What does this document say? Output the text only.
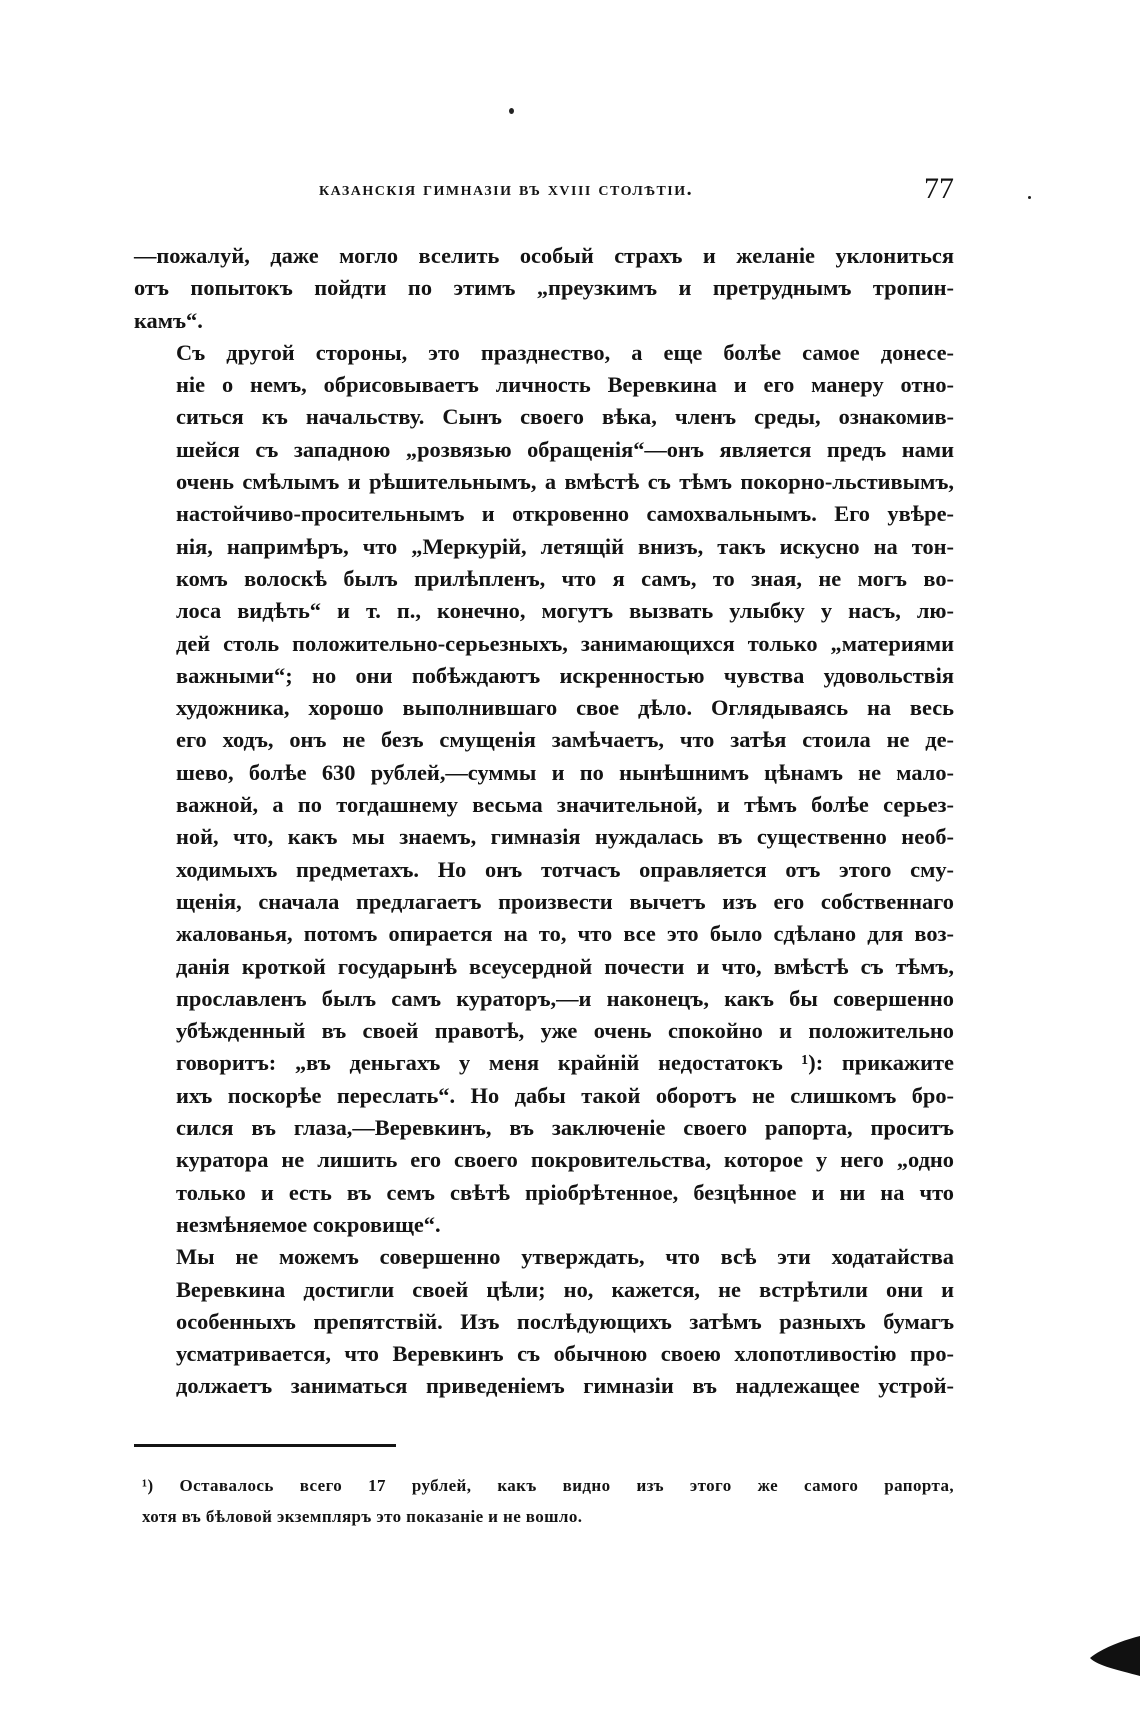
казанскія гимназіи въ xviii столѣтіи.	77

—пожалуй, даже могло вселить особый страхъ и желаніе уклониться
отъ попытокъ пойдти по этимъ „преузкимъ и претруднымъ тропин-
камъ“.

Съ другой стороны, это празднество, а еще болѣе самое донесе-
ніе о немъ, обрисовываетъ личность Веревкина и его манеру отно-
ситься къ начальству. Сынъ своего вѣка, членъ среды, ознакомив-
шейся съ западною „розвязью обращенія“—онъ является предъ нами
очень смѣлымъ и рѣшительнымъ, а вмѣстѣ съ тѣмъ покорно-льстивымъ,
настойчиво-просительнымъ и откровенно самохвальнымъ. Его увѣре-
нія, напримѣръ, что „Меркурій, летящій внизъ, такъ искусно на тон-
комъ волоскѣ былъ прилѣпленъ, что я самъ, то зная, не могъ во-
лоса видѣть“ и т. п., конечно, могутъ вызвать улыбку у насъ, лю-
дей столь положительно-серьезныхъ, занимающихся только „материями
важными“; но они побѣждаютъ искренностью чувства удовольствія
художника, хорошо выполнившаго свое дѣло. Оглядываясь на весь
его ходъ, онъ не безъ смущенія замѣчаетъ, что затѣя стоила не де-
шево, болѣе 630 рублей,—суммы и по нынѣшнимъ цѣнамъ не мало-
важной, а по тогдашнему весьма значительной, и тѣмъ болѣе серьез-
ной, что, какъ мы знаемъ, гимназія нуждалась въ существенно необ-
ходимыхъ предметахъ. Но онъ тотчасъ оправляется отъ этого сму-
щенія, сначала предлагаетъ произвести вычетъ изъ его собственнаго
жалованья, потомъ опирается на то, что все это было сдѣлано для воз-
данія кроткой государынѣ всеусердной почести и что, вмѣстѣ съ тѣмъ,
прославленъ былъ самъ кураторъ,—и наконецъ, какъ бы совершенно
убѣжденный въ своей правотѣ, уже очень спокойно и положительно
говоритъ: „въ деньгахъ у меня крайній недостатокъ ¹): прикажите
ихъ поскорѣе переслать“. Но дабы такой оборотъ не слишкомъ бро-
сился въ глаза,—Веревкинъ, въ заключеніе своего рапорта, проситъ
куратора не лишить его своего покровительства, которое у него „одно
только и есть въ семъ свѣтѣ пріобрѣтенное, безцѣнное и ни на что
незмѣняемое сокровище“.

Мы не можемъ совершенно утверждать, что всѣ эти ходатайства
Веревкина достигли своей цѣли; но, кажется, не встрѣтили они и
особенныхъ препятствій. Изъ послѣдующихъ затѣмъ разныхъ бумагъ
усматривается, что Веревкинъ съ обычною своею хлопотливостію про-
должаетъ заниматься приведеніемъ гимназіи въ надлежащее устрой-

¹) Оставалось всего 17 рублей, какъ видно изъ этого же самого рапорта,
хотя въ бѣловой экземпляръ это показаніе и не вошло.
